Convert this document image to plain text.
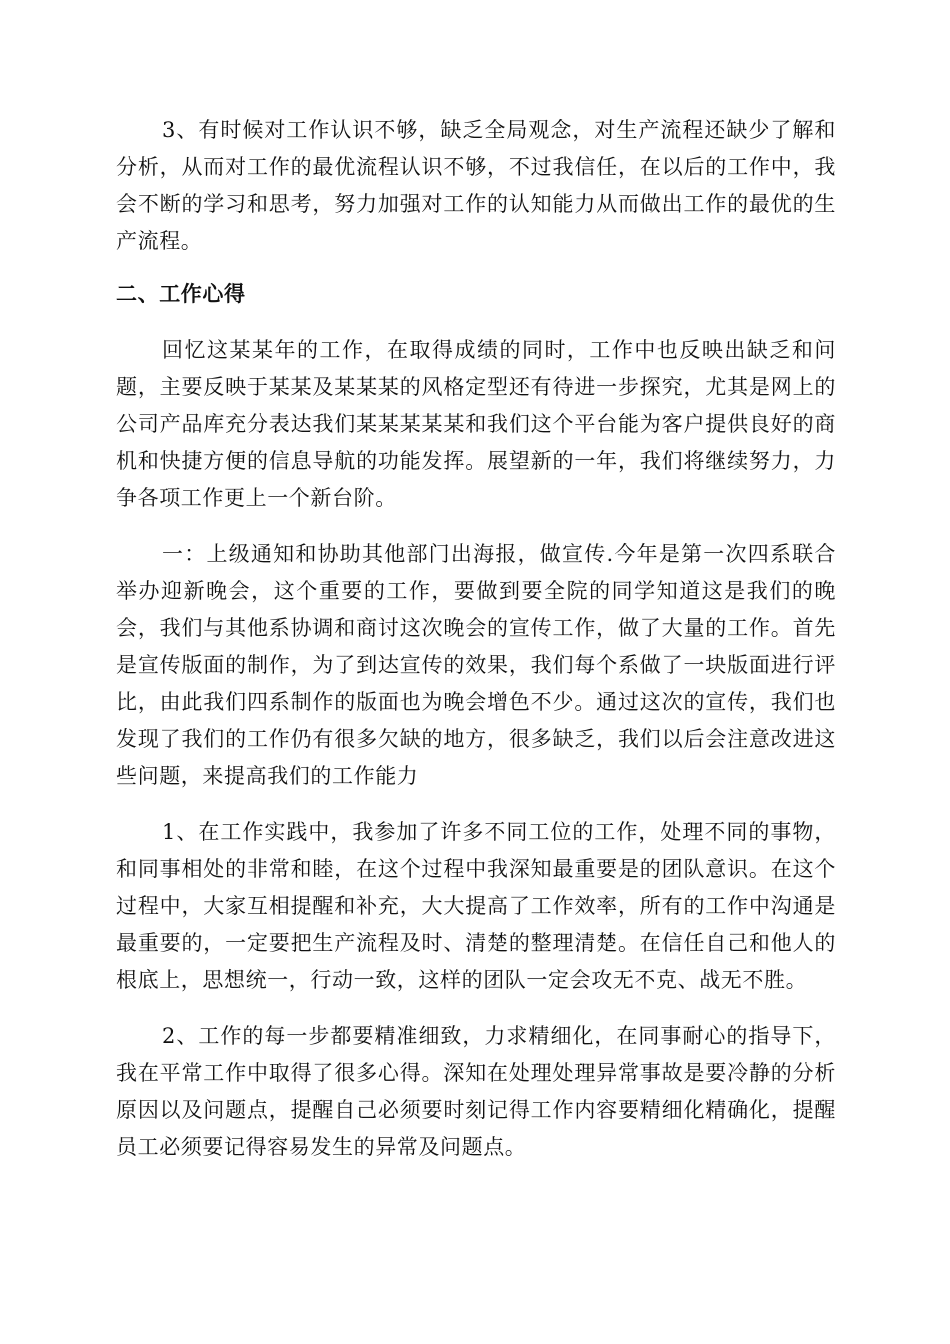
3、有时候对工作认识不够，缺乏全局观念，对生产流程还缺少了解和分析，从而对工作的最优流程认识不够，不过我信任，在以后的工作中，我会不断的学习和思考，努力加强对工作的认知能力从而做出工作的最优的生产流程。

二、工作心得

回忆这某某年的工作，在取得成绩的同时，工作中也反映出缺乏和问题，主要反映于某某及某某某的风格定型还有待进一步探究，尤其是网上的公司产品库充分表达我们某某某某某和我们这个平台能为客户提供良好的商机和快捷方便的信息导航的功能发挥。展望新的一年，我们将继续努力，力争各项工作更上一个新台阶。

一：上级通知和协助其他部门出海报，做宣传.今年是第一次四系联合举办迎新晚会，这个重要的工作，要做到要全院的同学知道这是我们的晚会，我们与其他系协调和商讨这次晚会的宣传工作，做了大量的工作。首先是宣传版面的制作，为了到达宣传的效果，我们每个系做了一块版面进行评比，由此我们四系制作的版面也为晚会增色不少。通过这次的宣传，我们也发现了我们的工作仍有很多欠缺的地方，很多缺乏，我们以后会注意改进这些问题，来提高我们的工作能力

1、在工作实践中，我参加了许多不同工位的工作，处理不同的事物，和同事相处的非常和睦，在这个过程中我深知最重要是的团队意识。在这个过程中，大家互相提醒和补充，大大提高了工作效率，所有的工作中沟通是最重要的，一定要把生产流程及时、清楚的整理清楚。在信任自己和他人的根底上，思想统一，行动一致，这样的团队一定会攻无不克、战无不胜。

2、工作的每一步都要精准细致，力求精细化，在同事耐心的指导下，我在平常工作中取得了很多心得。深知在处理处理异常事故是要冷静的分析原因以及问题点，提醒自己必须要时刻记得工作内容要精细化精确化，提醒员工必须要记得容易发生的异常及问题点。
